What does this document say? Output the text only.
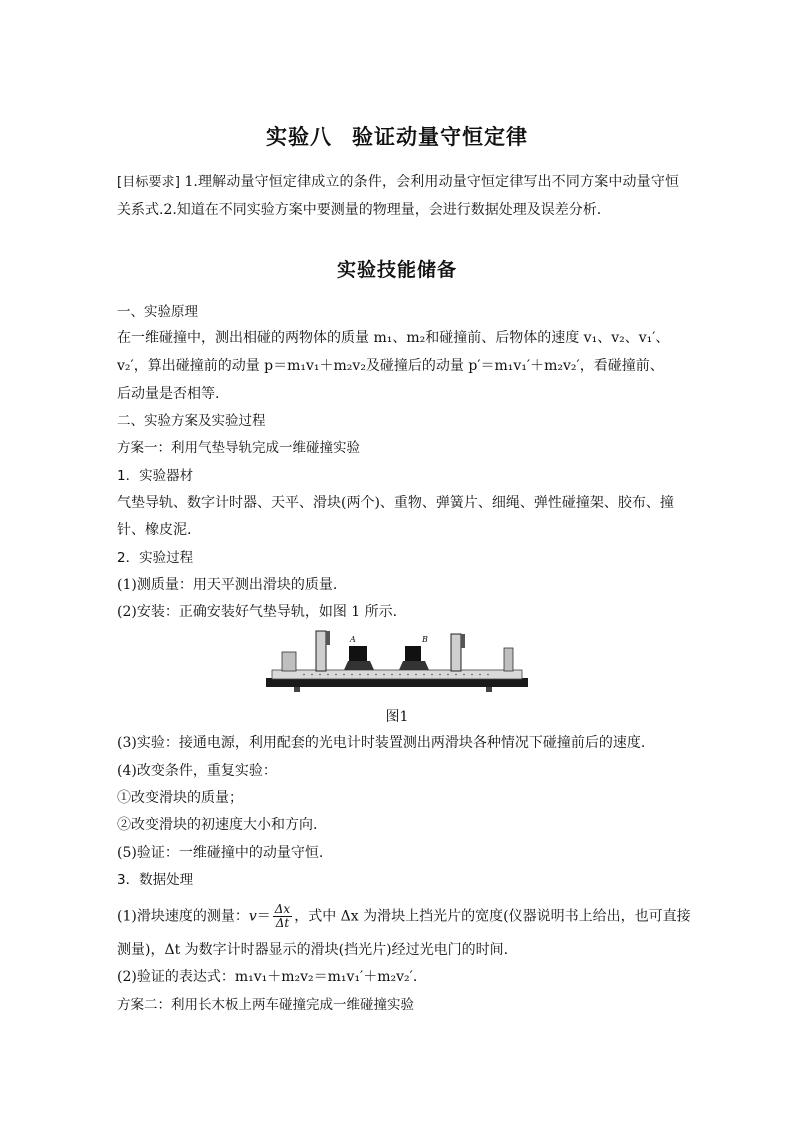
实验八 验证动量守恒定律
[目标要求] 1.理解动量守恒定律成立的条件，会利用动量守恒定律写出不同方案中动量守恒关系式.2.知道在不同实验方案中要测量的物理量，会进行数据处理及误差分析.
实验技能储备
一、实验原理
在一维碰撞中，测出相碰的两物体的质量 m₁、m₂和碰撞前、后物体的速度 v₁、v₂、v₁′、
v₂′，算出碰撞前的动量 p＝m₁v₁＋m₂v₂及碰撞后的动量 p′＝m₁v₁′＋m₂v₂′，看碰撞前、
后动量是否相等.
二、实验方案及实验过程
方案一：利用气垫导轨完成一维碰撞实验
1．实验器材
气垫导轨、数字计时器、天平、滑块(两个)、重物、弹簧片、细绳、弹性碰撞架、胶布、撞
针、橡皮泥.
2．实验过程
(1)测质量：用天平测出滑块的质量.
(2)安装：正确安装好气垫导轨，如图 1 所示.
A	B
图1
(3)实验：接通电源，利用配套的光电计时装置测出两滑块各种情况下碰撞前后的速度.
(4)改变条件，重复实验：
①改变滑块的质量；
②改变滑块的初速度大小和方向.
(5)验证：一维碰撞中的动量守恒.
3．数据处理
(1)滑块速度的测量：$v= \frac{\Delta x}{\Delta t}$ ，式中 Δx 为滑块上挡光片的宽度(仪器说明书上给出，也可直接
测量)，Δt 为数字计时器显示的滑块(挡光片)经过光电门的时间.
(2)验证的表达式：m₁v₁＋m₂v₂＝m₁v₁′＋m₂v₂′.
方案二：利用长木板上两车碰撞完成一维碰撞实验
